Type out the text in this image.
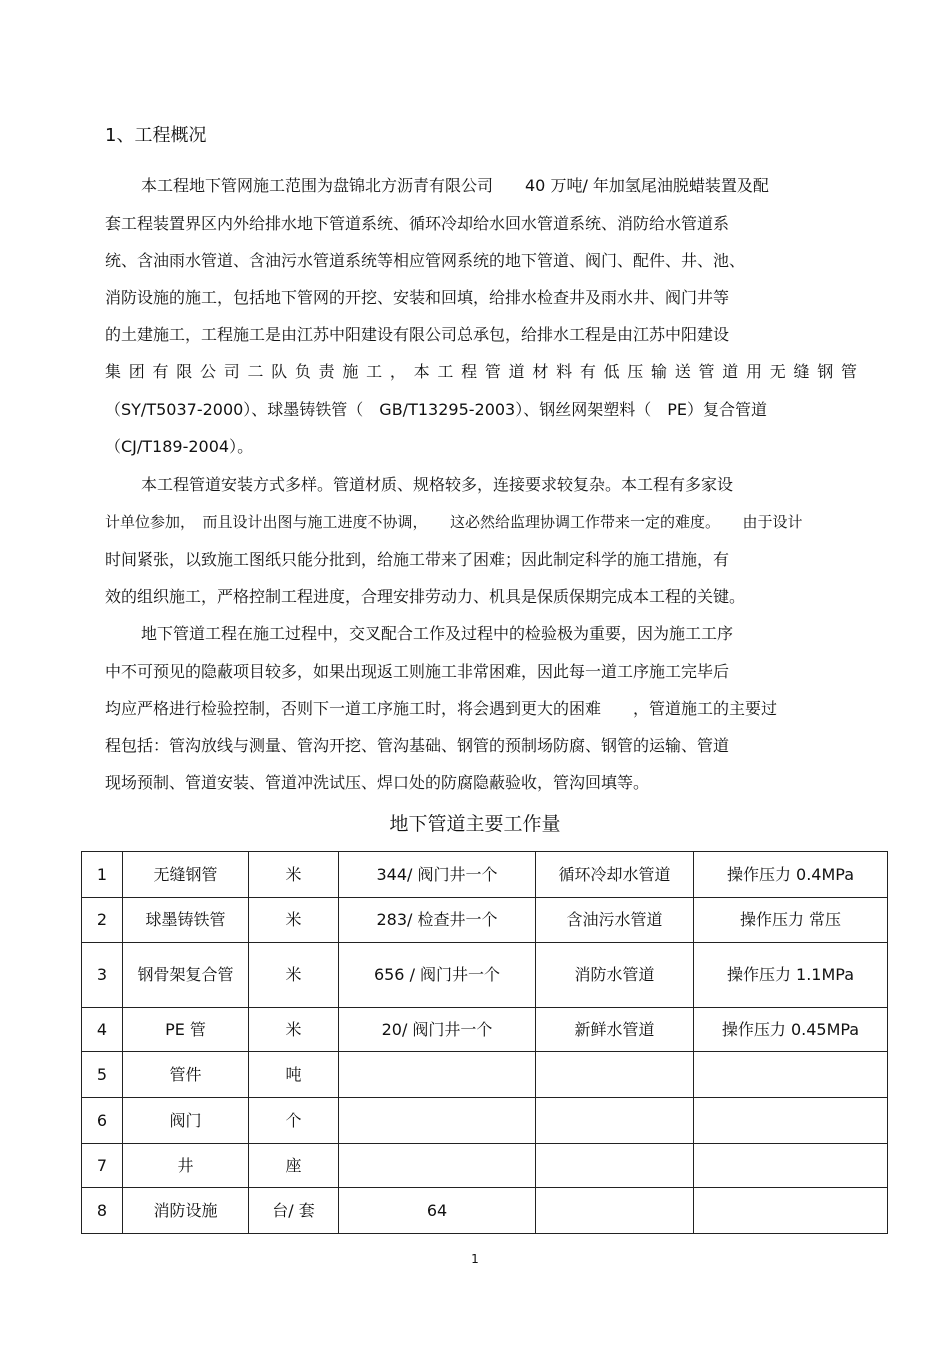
1、工程概况
本工程地下管网施工范围为盘锦北方沥青有限公司　　40 万吨/ 年加氢尾油脱蜡装置及配
套工程装置界区内外给排水地下管道系统、循环冷却给水回水管道系统、消防给水管道系
统、含油雨水管道、含油污水管道系统等相应管网系统的地下管道、阀门、配件、井、池、
消防设施的施工，包括地下管网的开挖、安装和回填，给排水检查井及雨水井、阀门井等
的土建施工，工程施工是由江苏中阳建设有限公司总承包，给排水工程是由江苏中阳建设
集团有限公司二队负责施工，本工程管道材料有低压输送管道用无缝钢管
（SY/T5037-2000）、球墨铸铁管（　GB/T13295-2003）、钢丝网架塑料（　PE）复合管道
（CJ/T189-2004）。
本工程管道安装方式多样。管道材质、规格较多，连接要求较复杂。本工程有多家设
计单位参加，　而且设计出图与施工进度不协调，　　这必然给监理协调工作带来一定的难度。　　由于设计
时间紧张，以致施工图纸只能分批到，给施工带来了困难；因此制定科学的施工措施，有
效的组织施工，严格控制工程进度，合理安排劳动力、机具是保质保期完成本工程的关键。
地下管道工程在施工过程中，交叉配合工作及过程中的检验极为重要，因为施工工序
中不可预见的隐蔽项目较多，如果出现返工则施工非常困难，因此每一道工序施工完毕后
均应严格进行检验控制，否则下一道工序施工时，将会遇到更大的困难　　，管道施工的主要过
程包括：管沟放线与测量、管沟开挖、管沟基础、钢管的预制场防腐、钢管的运输、管道
现场预制、管道安装、管道冲洗试压、焊口处的防腐隐蔽验收，管沟回填等。
地下管道主要工作量
1	无缝钢管	米	344/ 阀门井一个	循环冷却水管道	操作压力 0.4MPa
2	球墨铸铁管	米	283/ 检查井一个	含油污水管道	操作压力 常压
3	钢骨架复合管	米	656 / 阀门井一个	消防水管道	操作压力 1.1MPa
4	PE 管	米	20/ 阀门井一个	新鲜水管道	操作压力 0.45MPa
5	管件	吨			
6	阀门	个			
7	井	座			
8	消防设施	台/ 套	64		
1
